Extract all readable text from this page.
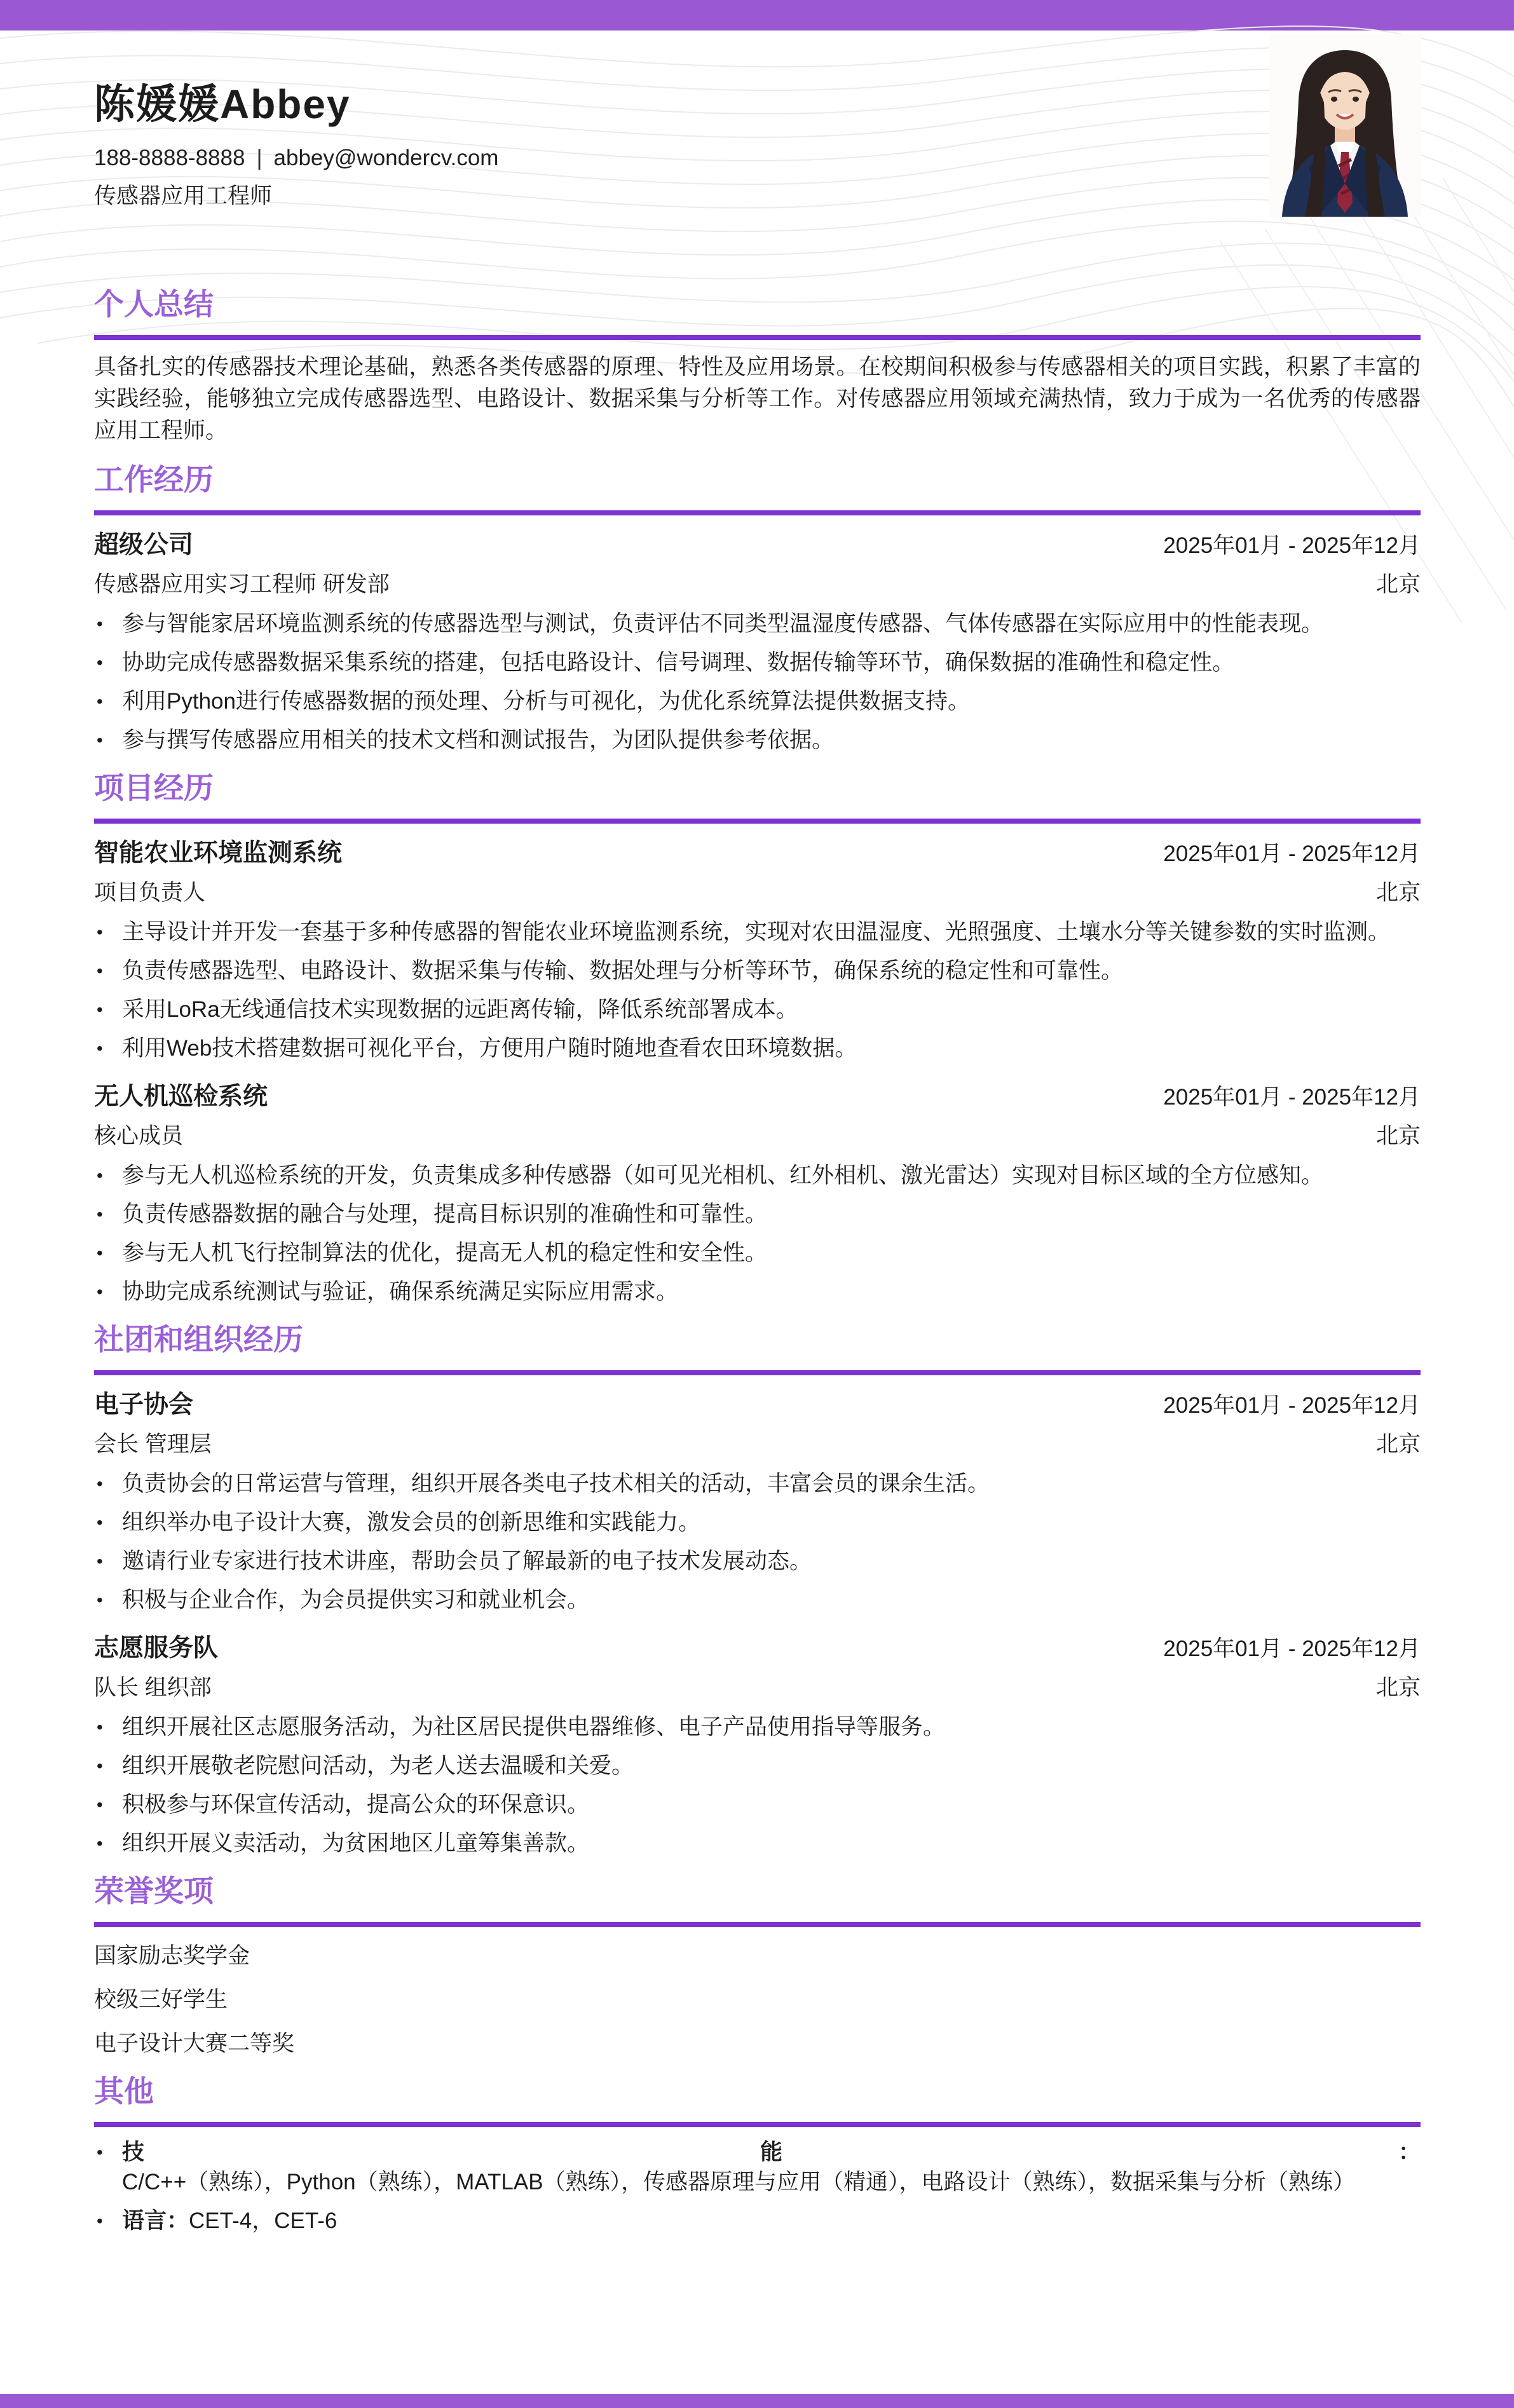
陈媛媛Abbey
188-8888-8888 | abbey@wondercv.com
传感器应用工程师
个人总结
具备扎实的传感器技术理论基础，熟悉各类传感器的原理、特性及应用场景。在校期间积极参与传感器相关的项目实践，积累了丰富的实践经验，能够独立完成传感器选型、电路设计、数据采集与分析等工作。对传感器应用领域充满热情，致力于成为一名优秀的传感器应用工程师。
工作经历
超级公司	2025年01月 - 2025年12月
传感器应用实习工程师 研发部	北京
• 参与智能家居环境监测系统的传感器选型与测试，负责评估不同类型温湿度传感器、气体传感器在实际应用中的性能表现。
• 协助完成传感器数据采集系统的搭建，包括电路设计、信号调理、数据传输等环节，确保数据的准确性和稳定性。
• 利用Python进行传感器数据的预处理、分析与可视化，为优化系统算法提供数据支持。
• 参与撰写传感器应用相关的技术文档和测试报告，为团队提供参考依据。
项目经历
智能农业环境监测系统	2025年01月 - 2025年12月
项目负责人	北京
• 主导设计并开发一套基于多种传感器的智能农业环境监测系统，实现对农田温湿度、光照强度、土壤水分等关键参数的实时监测。
• 负责传感器选型、电路设计、数据采集与传输、数据处理与分析等环节，确保系统的稳定性和可靠性。
• 采用LoRa无线通信技术实现数据的远距离传输，降低系统部署成本。
• 利用Web技术搭建数据可视化平台，方便用户随时随地查看农田环境数据。
无人机巡检系统	2025年01月 - 2025年12月
核心成员	北京
• 参与无人机巡检系统的开发，负责集成多种传感器（如可见光相机、红外相机、激光雷达）实现对目标区域的全方位感知。
• 负责传感器数据的融合与处理，提高目标识别的准确性和可靠性。
• 参与无人机飞行控制算法的优化，提高无人机的稳定性和安全性。
• 协助完成系统测试与验证，确保系统满足实际应用需求。
社团和组织经历
电子协会	2025年01月 - 2025年12月
会长 管理层	北京
• 负责协会的日常运营与管理，组织开展各类电子技术相关的活动，丰富会员的课余生活。
• 组织举办电子设计大赛，激发会员的创新思维和实践能力。
• 邀请行业专家进行技术讲座，帮助会员了解最新的电子技术发展动态。
• 积极与企业合作，为会员提供实习和就业机会。
志愿服务队	2025年01月 - 2025年12月
队长 组织部	北京
• 组织开展社区志愿服务活动，为社区居民提供电器维修、电子产品使用指导等服务。
• 组织开展敬老院慰问活动，为老人送去温暖和关爱。
• 积极参与环保宣传活动，提高公众的环保意识。
• 组织开展义卖活动，为贫困地区儿童筹集善款。
荣誉奖项
国家励志奖学金
校级三好学生
电子设计大赛二等奖
其他
• 技能：C/C++（熟练），Python（熟练），MATLAB（熟练），传感器原理与应用（精通），电路设计（熟练），数据采集与分析（熟练）
• 语言：CET-4，CET-6
